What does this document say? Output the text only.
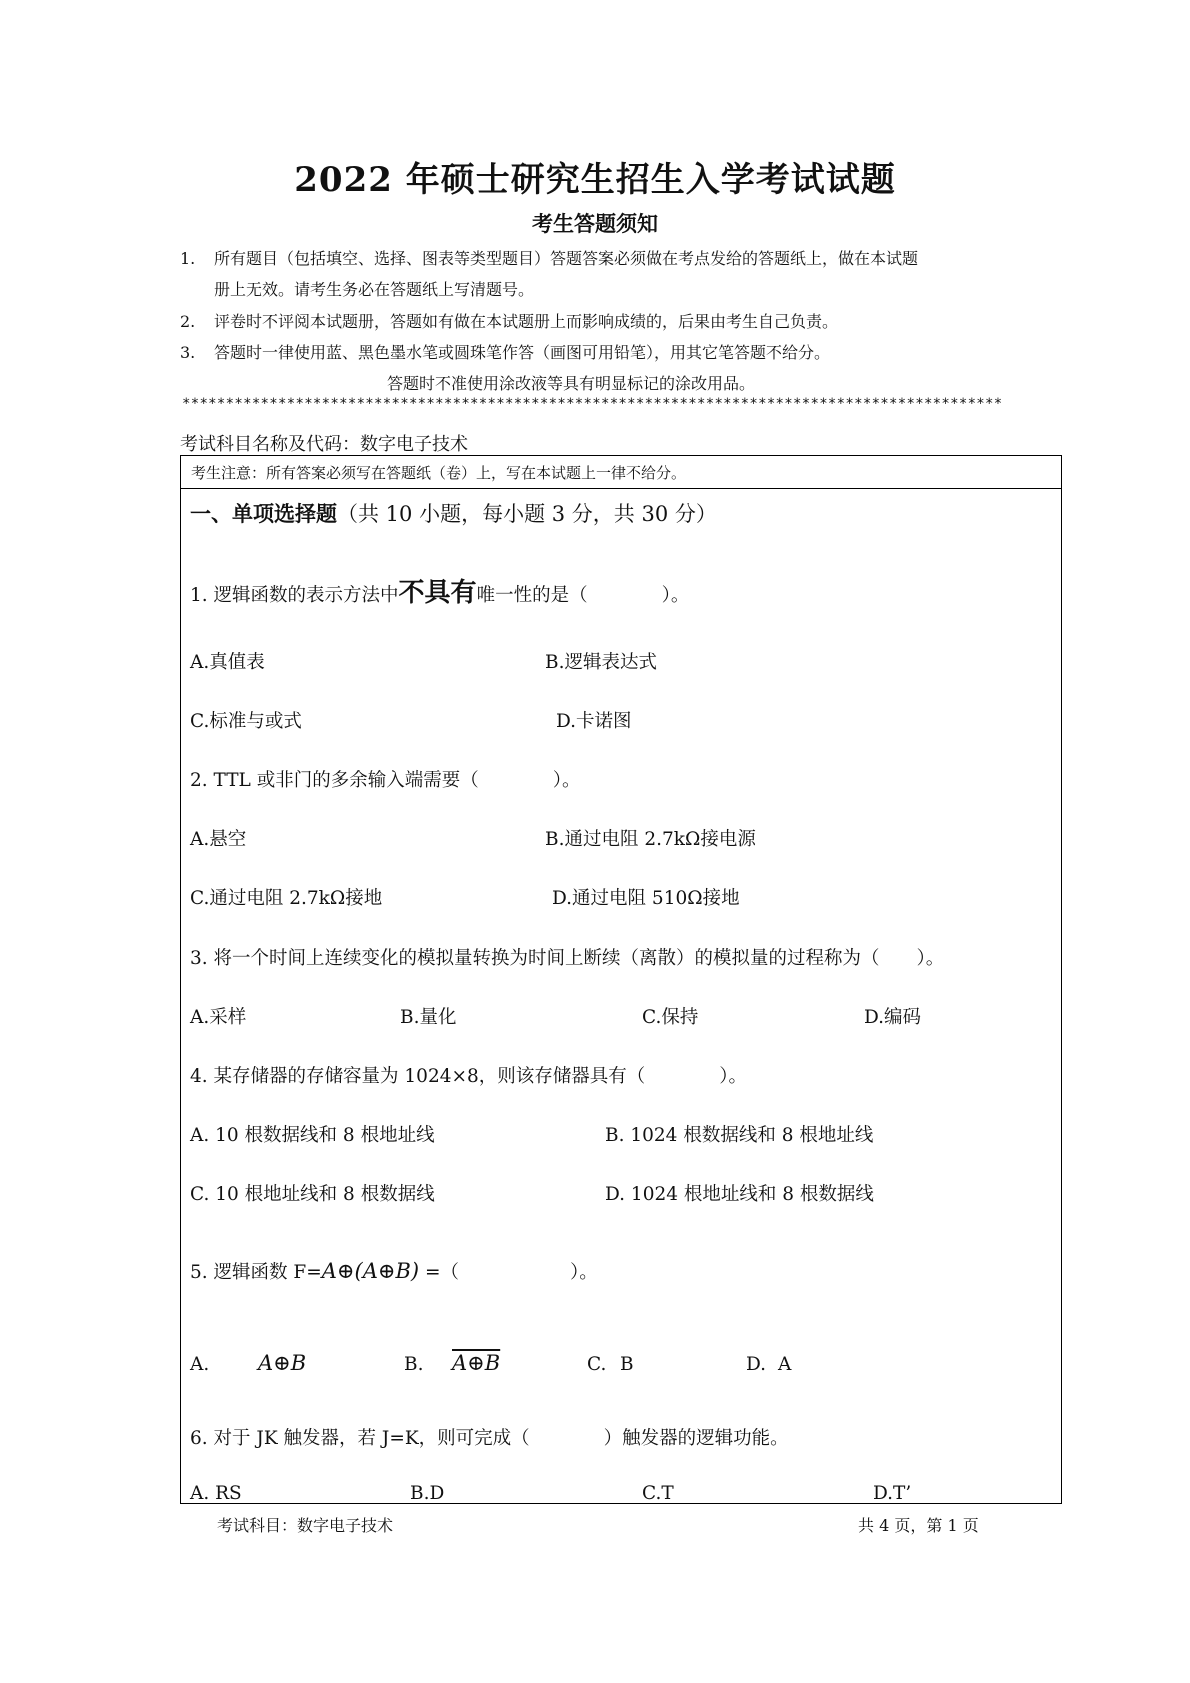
2022 年硕士研究生招生入学考试试题
考生答题须知
1. 所有题目（包括填空、选择、图表等类型题目）答题答案必须做在考点发给的答题纸上，做在本试题
册上无效。请考生务必在答题纸上写清题号。
2. 评卷时不评阅本试题册，答题如有做在本试题册上而影响成绩的，后果由考生自己负责。
3. 答题时一律使用蓝、黑色墨水笔或圆珠笔作答（画图可用铅笔），用其它笔答题不给分。
答题时不准使用涂改液等具有明显标记的涂改用品。
**********************************************************************************************
考试科目名称及代码：数字电子技术
考生注意：所有答案必须写在答题纸（卷）上，写在本试题上一律不给分。
一、单项选择题（共 10 小题，每小题 3 分，共 30 分）
1. 逻辑函数的表示方法中不具有唯一性的是（　　　　）。
A.真值表	B.逻辑表达式
C.标准与或式	D.卡诺图
2. TTL 或非门的多余输入端需要（　　　　）。
A.悬空	B.通过电阻 2.7kΩ接电源
C.通过电阻 2.7kΩ接地	D.通过电阻 510Ω接地
3. 将一个时间上连续变化的模拟量转换为时间上断续（离散）的模拟量的过程称为（　　）。
A.采样	B.量化	C.保持	D.编码
4. 某存储器的存储容量为 1024×8，则该存储器具有（　　　　）。
A. 10 根数据线和 8 根地址线	B. 1024 根数据线和 8 根地址线
C. 10 根地址线和 8 根数据线	D. 1024 根地址线和 8 根数据线
5. 逻辑函数 F=A⊕(A⊕B) =（　　　　　　）。
A. A⊕B	B. A⊕B	C. B	D. A
6. 对于 JK 触发器，若 J=K，则可完成（　　　　）触发器的逻辑功能。
A. RS	B.D	C.T	D.T’
考试科目：数字电子技术	共 4 页，第 1 页
